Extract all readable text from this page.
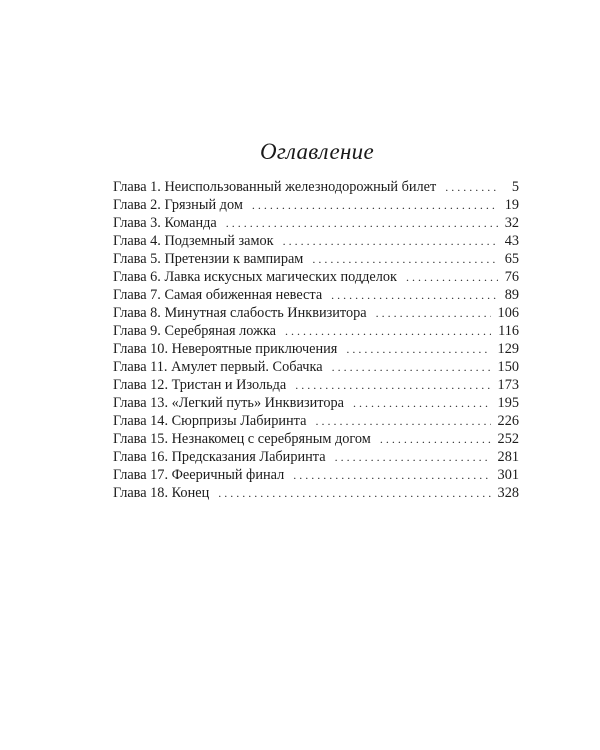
Оглавление
Глава 1. Неиспользованный железнодорожный билет . . .	5
Глава 2. Грязный дом . . .	19
Глава 3. Команда . . .	32
Глава 4. Подземный замок . . .	43
Глава 5. Претензии к вампирам . . .	65
Глава 6. Лавка искусных магических подделок . . .	76
Глава 7. Самая обиженная невеста . . .	89
Глава 8. Минутная слабость Инквизитора . . .	106
Глава 9. Серебряная ложка . . .	116
Глава 10. Невероятные приключения . . .	129
Глава 11. Амулет первый. Собачка . . .	150
Глава 12. Тристан и Изольда . . .	173
Глава 13. «Легкий путь» Инквизитора . . .	195
Глава 14. Сюрпризы Лабиринта . . .	226
Глава 15. Незнакомец с серебряным догом . . .	252
Глава 16. Предсказания Лабиринта . . .	281
Глава 17. Фееричный финал . . .	301
Глава 18. Конец . . .	328
